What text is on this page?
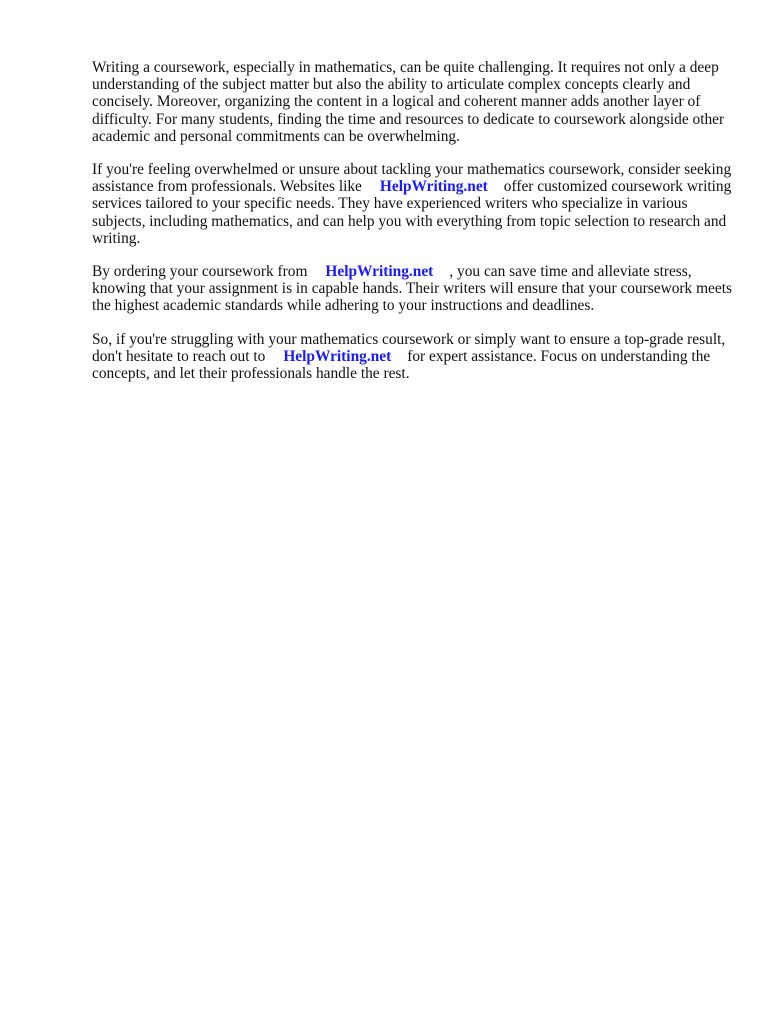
Writing a coursework, especially in mathematics, can be quite challenging. It requires not only a deep understanding of the subject matter but also the ability to articulate complex concepts clearly and concisely. Moreover, organizing the content in a logical and coherent manner adds another layer of difficulty. For many students, finding the time and resources to dedicate to coursework alongside other academic and personal commitments can be overwhelming.

If you're feeling overwhelmed or unsure about tackling your mathematics coursework, consider seeking assistance from professionals. Websites like HelpWriting.net offer customized coursework writing services tailored to your specific needs. They have experienced writers who specialize in various subjects, including mathematics, and can help you with everything from topic selection to research and writing.

By ordering your coursework from HelpWriting.net , you can save time and alleviate stress, knowing that your assignment is in capable hands. Their writers will ensure that your coursework meets the highest academic standards while adhering to your instructions and deadlines.

So, if you're struggling with your mathematics coursework or simply want to ensure a top-grade result, don't hesitate to reach out to HelpWriting.net for expert assistance. Focus on understanding the concepts, and let their professionals handle the rest.
